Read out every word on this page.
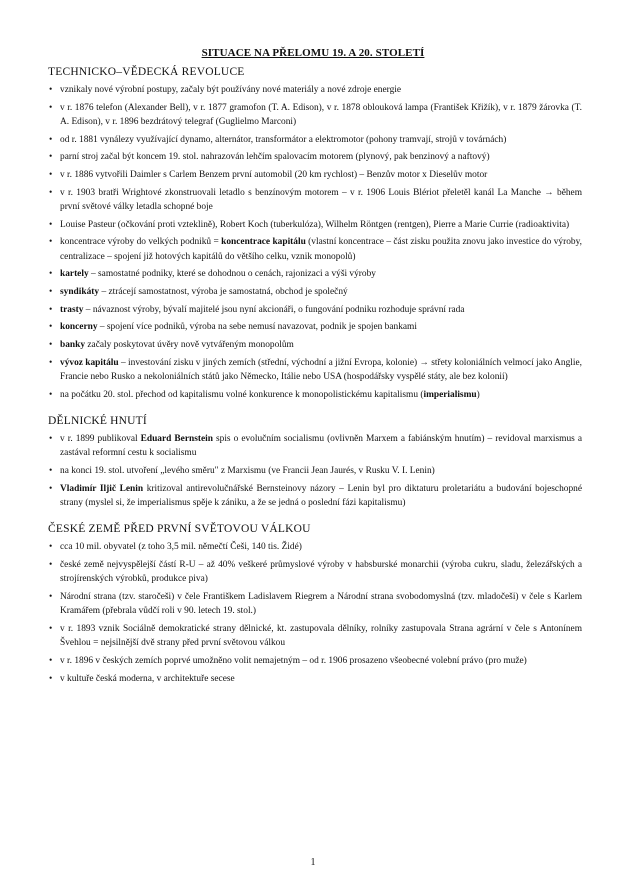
SITUACE NA PŘELOMU 19. A 20. STOLETÍ
TECHNICKO–VĚDECKÁ REVOLUCE
• vznikaly nové výrobní postupy, začaly být používány nové materiály a nové zdroje energie
• v r. 1876 telefon (Alexander Bell), v r. 1877 gramofon (T. A. Edison), v r. 1878 oblouková lampa (František Křižík), v r. 1879 žárovka (T. A. Edison), v r. 1896 bezdrátový telegraf (Guglielmo Marconi)
• od r. 1881 vynálezy využívající dynamo, alternátor, transformátor a elektromotor (pohony tramvají, strojů v továrnách)
• parní stroj začal být koncem 19. stol. nahrazován lehčím spalovacím motorem (plynový, pak benzinový a naftový)
• v r. 1886 vytvořili Daimler s Carlem Benzem první automobil (20 km rychlost) – Benzův motor x Dieselův motor
• v r. 1903 bratři Wrightové zkonstruovali letadlo s benzínovým motorem – v r. 1906 Louis Blériot přeletěl kanál La Manche → během první světové války letadla schopné boje
• Louise Pasteur (očkování proti vzteklině), Robert Koch (tuberkulóza), Wilhelm Röntgen (rentgen), Pierre a Marie Currie (radioaktivita)
• koncentrace výroby do velkých podniků = koncentrace kapitálu (vlastní koncentrace – část zisku použita znovu jako investice do výroby, centralizace – spojení již hotových kapitálů do většího celku, vznik monopolů)
• kartely – samostatné podniky, které se dohodnou o cenách, rajonizaci a výši výroby
• syndikáty – ztrácejí samostatnost, výroba je samostatná, obchod je společný
• trasty – návaznost výroby, bývalí majitelé jsou nyní akcionáři, o fungování podniku rozhoduje správní rada
• koncerny – spojení více podniků, výroba na sebe nemusí navazovat, podnik je spojen bankami
• banky začaly poskytovat úvěry nově vytvářeným monopolům
• vývoz kapitálu – investování zisku v jiných zemích (střední, východní a jižní Evropa, kolonie) → střety koloniálních velmocí jako Anglie, Francie nebo Rusko a nekoloniálních států jako Německo, Itálie nebo USA (hospodářsky vyspělé státy, ale bez kolonií)
• na počátku 20. stol. přechod od kapitalismu volné konkurence k monopolistickému kapitalismu (imperialismu)
DĚLNICKÉ HNUTÍ
• v r. 1899 publikoval Eduard Bernstein spis o evolučním socialismu (ovlivněn Marxem a fabiánským hnutím) – revidoval marxismus a zastával reformní cestu k socialismu
• na konci 19. stol. utvoření „levého směru" z Marxismu (ve Francii Jean Jaurés, v Rusku V. I. Lenin)
• Vladimír Iljič Lenin kritizoval antirevolučnářské Bernsteinovy názory – Lenin byl pro diktaturu proletariátu a budování bojeschopné strany (myslel si, že imperialismus spěje k zániku, a že se jedná o poslední fázi kapitalismu)
ČESKÉ ZEMĚ PŘED PRVNÍ SVĚTOVOU VÁLKOU
• cca 10 mil. obyvatel (z toho 3,5 mil. němečtí Češi, 140 tis. Židé)
• české země nejvyspělejší částí R-U – až 40% veškeré průmyslové výroby v habsburské monarchii (výroba cukru, sladu, železářských a strojírenských výrobků, produkce piva)
• Národní strana (tzv. staročeši) v čele Františkem Ladislavem Riegrem a Národní strana svobodomyslná (tzv. mladočeši) v čele s Karlem Kramářem (přebrala vůdčí roli v 90. letech 19. stol.)
• v r. 1893 vznik Sociálně demokratické strany dělnické, kt. zastupovala dělníky, rolníky zastupovala Strana agrární v čele s Antonínem Švehlou = nejsilnější dvě strany před první světovou válkou
• v r. 1896 v českých zemích poprvé umožněno volit nemajetným – od r. 1906 prosazeno všeobecné volební právo (pro muže)
• v kultuře česká moderna, v architektuře secese
1
